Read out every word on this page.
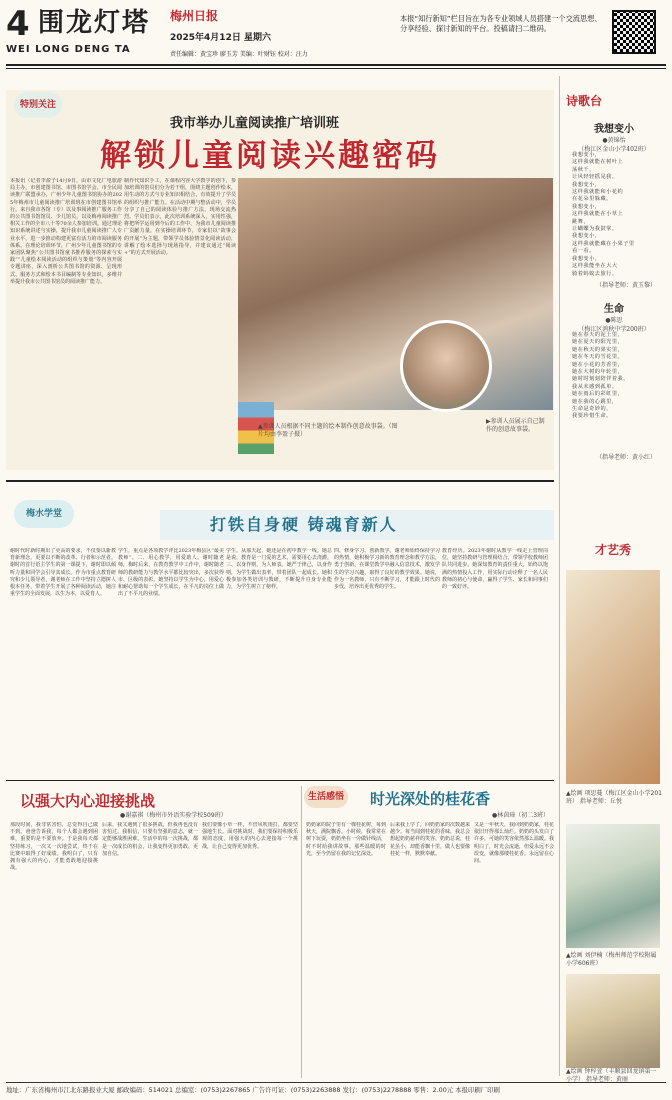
4 围龙灯塔
WEI LONG DENG TA
梅州日报
2025年4月12日 星期六
责任编辑：黄宝珍 廖玉芳 美编：叶财钰 校对：汪力
本报“知行新知”栏目旨在为各专业领域人员搭建一个交流思想、分享经验、探讨新知的平台。投稿请扫二维码。
特别关注
我市举办儿童阅读推广培训班
解锁儿童阅读兴趣密码
本报讯（记者李盈子14月9日，由市文化广电旅游局主办，市创建图书馆、市图书馆学会、市全民阅读推广联盟承办，广州少年儿童图书馆协办的2025年梅州市儿童阅读推广培训班在市创建图书馆举行。来自我市各馆（专）以及事阅读推广服务工作的公共图书馆馆员、少儿馆员，以及梅州阅读推广相关工作的全市八十等70余人参加培训。通过理论知识系统讲述与实操，提升我市儿童阅读推广人专业水平，进一步推动构建更富有活力的市阅读服务体系。在理论培训环节，广州少年儿童图书馆的专家团队聚焦“公共图书馆童书推荐服务的探索与实践”“儿童绘本阅读活动的组织与策划”等内容开展专题讲座，深入剖析公共图书馆的资源、呈现形式、服务方式和绘本书目编制等专业知识，多维并举提升我市公共图书馆员的阅读推广能力。
制作代知识手工，在课程内容大学教学的创下，参加培训的馆员们分为若干组，围绕主题创作绘本，用生动的方式与专业知识相结合，有效提升了学员的组织与推广能力。在活动中期与整活动中，学员分享了自己的阅读体验与推广方法，现场交流热烈。学员们表示，此次培训系统深入，实用性强，将把所学运用到今后的工作中，为我市儿童阅读推广贡献力量。在实操培训环节，专家们以“故事会的开展”为主题，带领学员体验情景化阅读活动，讲解了绘本选择与现场指导，并建议通过“阅读+”的方式开展活动。
▲参训人员根据不同主题的绘本制作创意故事袋。（图片均由李盈子摄）
▶参训人员展示自己制作的创意故事袋。
诗歌台
我想变小
●黄锦怡
（梅江区金山小学402班）
我想变小，
这样我就能在树叶上
荡秋千，
让风轻轻摇晃我。
我想变小，
这样我就能和小花约
在花朵里躲藏。
我想变小，
这样我就能在小草上
跳舞，
让蝴蝶为我鼓掌。
我想变小，
这样我就能藏在小果子里
看一看。
我想变小，
这样我能坐在大大
骑着蚂蚁去旅行。
（指导老师：黄玉黎）
生命
●陈思
（梅江区鸿秋中学200班）
她在春天的泥土里，
她在夏天的阳光里，
她在秋天的果实里，
她在冬天的雪花里。
她在小花的芳香里，
她在大树的年轮里，
她时时刻刻陪伴着我，
我从未感到孤单。
她在雨后的彩虹里，
她在我的心跳里，
生命是奇妙的，
我要珍惜生命。
（指导老师：黄小红）
梅水学堂
打铁自身硬 铸魂育新人
谢时代时新时期出了更高的要求，不仅要以新教育新理念，更要以不断的改革、行者和示范者。谢时的首行语主学生的第一课提下，谢时即以倾听力量和同学会引导其成长。作为市重点教育研究和少儿领导者，谢老师在工作中坚持立德树人根本任务，带着学生开展了各种阅读活动，她注重学生的全面发展，以生为本，以爱育人。
学生，重点是各项教学评比2023年梅县区“最美教师”。二、用心教学，用爱助人。谢时随老师，梅时后来，在教育教学中工作中，谢时随老师的教研能力与教学水平都比较突出，多次获得市、区级的表彰。她坚持以学生为中心，用爱心和耐心帮助每一个学生成长，在平凡的岗位上做出了不平凡的业绩。
学生。从那天起，她还是在初中教学一线。她总是说，教育是一门爱的艺术，需要用心去浇灌。三、以身作则，为人师表。她严于律己，以身作则，为学生做出表率，带着团队一起成长。她积极参加各类培训与教研，不断提升自身专业能力，为学生树立了榜样。
四、修身学习、创新教学。谢老师始终保持学习的热情，她积极学习新的教育理念和教学方法，勇于创新，在课堂教学中融入信息技术，激发学生的学习兴趣，取得了良好的教学效果。她说，作为一名教师，只有不断学习，才能跟上时代的步伐，培养出更优秀的学生。
教育经历。2023年谢时从教学一线走上管理岗位，她坚持教研与管理相结合，带领学校教师团队共同进步。她深知教育的责任重大，始终以饱满的热情投入工作，用实际行动诠释了一名人民教师的初心与使命，赢得了学生、家长和同事们的一致好评。
才艺秀
▲绘画 项思蔓（梅江区金山小学201班） 指导老师：丘悦
▲绘画 刘伊楠（梅州师范学校附属小学606班）
▲绘画 钟梓萱（丰顺县回龙镇第一小学） 指导老师：黄丽
以强大内心迎接挑战
●谢嘉祺（梅州市外语实验学校509班）
那段时间，我非常害怕，总觉得自己做不到。爸爸告诉我，每个人都会遇到困难，重要的是不要放弃。于是我每天都坚持练习，一次又一次地尝试，终于在比赛中取得了好成绩。我明白了，只有拥有强大的内心，才能勇敢地迎接挑战。
后来，我又遇到了很多挑战，但我再也没有害怕过。我相信，只要有坚强的意志，就一定能够战胜困难。生活中的每一次挑战，都是一次成长的机会，让我变得更加勇敢、更加自信。
我们要像小草一样，不管风吹雨打，都要坚强地生长。面对挑战时，我们要保持积极乐观的态度，用强大的内心去迎接每一个挑战，让自己变得更加优秀。
生活感悟 时光深处的桂花香
●林茵琦（初二3班）
奶奶家的院子里有一棵桂花树，每到秋天，满院飘香。小时候，我常常在树下玩耍，奶奶坐在一旁做针线活，时不时给我讲故事。那些温暖的时光，至今仍留在我的记忆深处。
后来我上学了，回奶奶家的次数越来越少。每当闻到桂花的香味，我总会想起奶奶慈祥的笑容。奶奶总说，桂花虽小，却能香飘十里，做人也要像桂花一样，默默奉献。
又是一年秋天，我回到奶奶家，桂花依旧开得那么灿烂。奶奶的头发白了许多，可她的笑容依然那么温暖。我明白了，时光会流逝，但爱永远不会改变，就像那缕桂花香，永远留在心间。
地址：广东省梅州市江北东路报业大厦 邮政编码：514021 总编室：(0753)2267865 广告许可证：(0753)2263888 发行：(0753)2278888 零售：2.00元 本报印刷厂印刷
